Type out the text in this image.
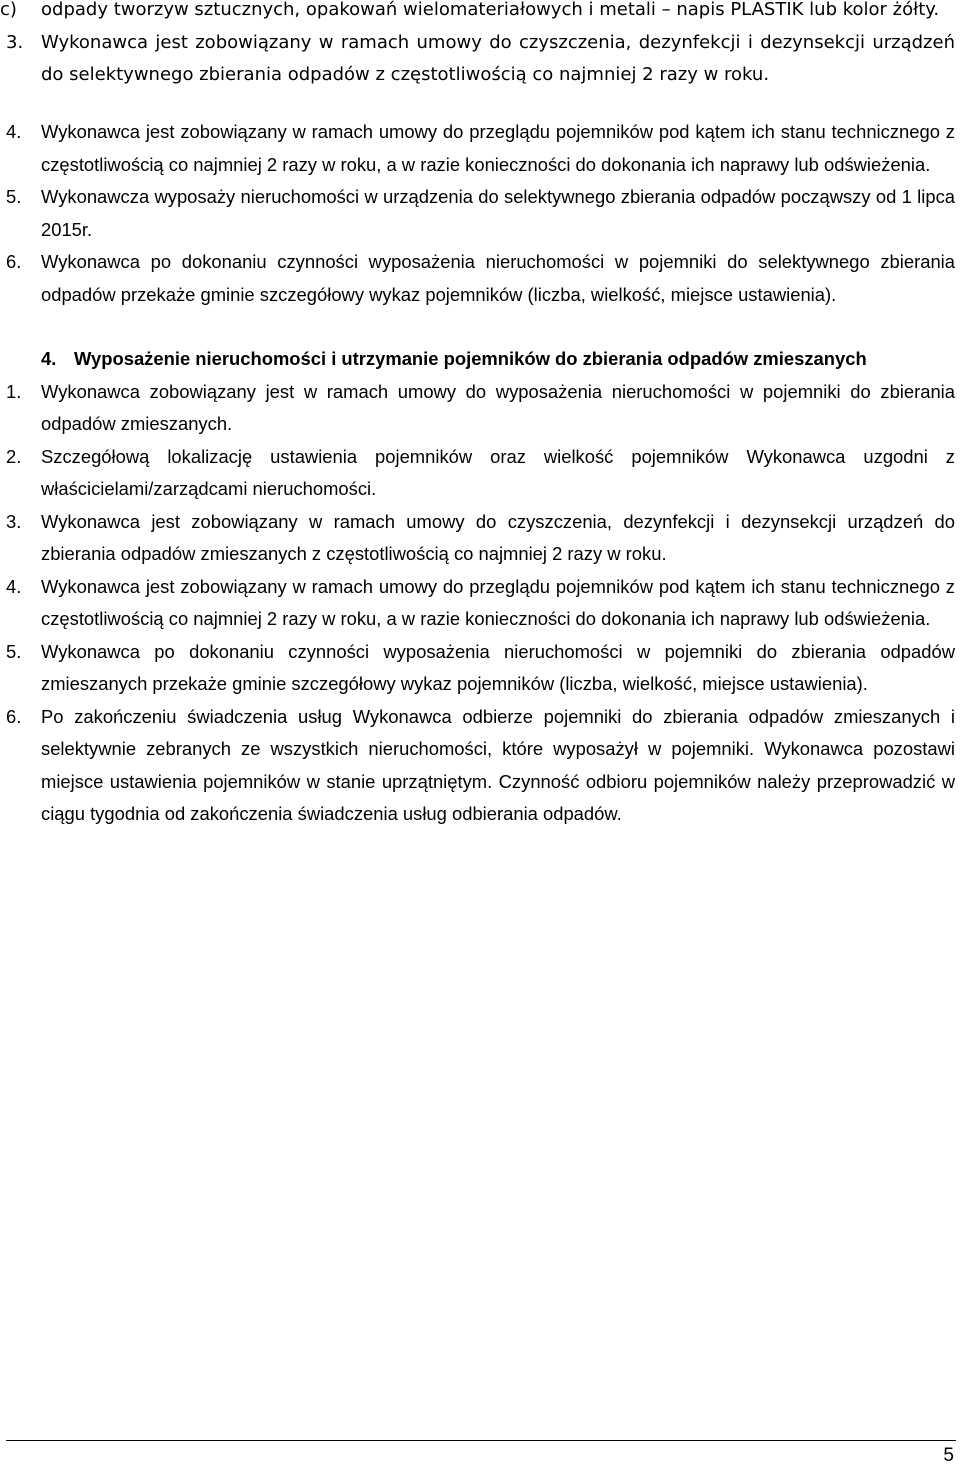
c) odpady tworzyw sztucznych, opakowań wielomateriałowych i metali – napis PLASTIK lub kolor żółty.
3. Wykonawca jest zobowiązany w ramach umowy do czyszczenia, dezynfekcji i dezynsekcji urządzeń do selektywnego zbierania odpadów z częstotliwością co najmniej 2 razy w roku.
4. Wykonawca jest zobowiązany w ramach umowy do przeglądu pojemników pod kątem ich stanu technicznego z częstotliwością co najmniej 2 razy w roku, a w razie konieczności do dokonania ich naprawy lub odświeżenia.
5. Wykonawcza wyposaży nieruchomości w urządzenia do selektywnego zbierania odpadów począwszy od 1 lipca 2015r.
6. Wykonawca po dokonaniu czynności wyposażenia nieruchomości w pojemniki do selektywnego zbierania odpadów przekaże gminie szczegółowy wykaz pojemników (liczba, wielkość, miejsce ustawienia).
4. Wyposażenie nieruchomości i utrzymanie pojemników do zbierania odpadów zmieszanych
1. Wykonawca zobowiązany jest w ramach umowy do wyposażenia nieruchomości w pojemniki do zbierania odpadów zmieszanych.
2. Szczegółową lokalizację ustawienia pojemników oraz wielkość pojemników Wykonawca uzgodni z właścicielami/zarządcami nieruchomości.
3. Wykonawca jest zobowiązany w ramach umowy do czyszczenia, dezynfekcji i dezynsekcji urządzeń do zbierania odpadów zmieszanych z częstotliwością co najmniej 2 razy w roku.
4. Wykonawca jest zobowiązany w ramach umowy do przeglądu pojemników pod kątem ich stanu technicznego z częstotliwością co najmniej 2 razy w roku, a w razie konieczności do dokonania ich naprawy lub odświeżenia.
5. Wykonawca po dokonaniu czynności wyposażenia nieruchomości w pojemniki do zbierania odpadów zmieszanych przekaże gminie szczegółowy wykaz pojemników (liczba, wielkość, miejsce ustawienia).
6. Po zakończeniu świadczenia usług Wykonawca odbierze pojemniki do zbierania odpadów zmieszanych i selektywnie zebranych ze wszystkich nieruchomości, które wyposażył w pojemniki. Wykonawca pozostawi miejsce ustawienia pojemników w stanie uprzątniętym. Czynność odbioru pojemników należy przeprowadzić w ciągu tygodnia od zakończenia świadczenia usług odbierania odpadów.
5
